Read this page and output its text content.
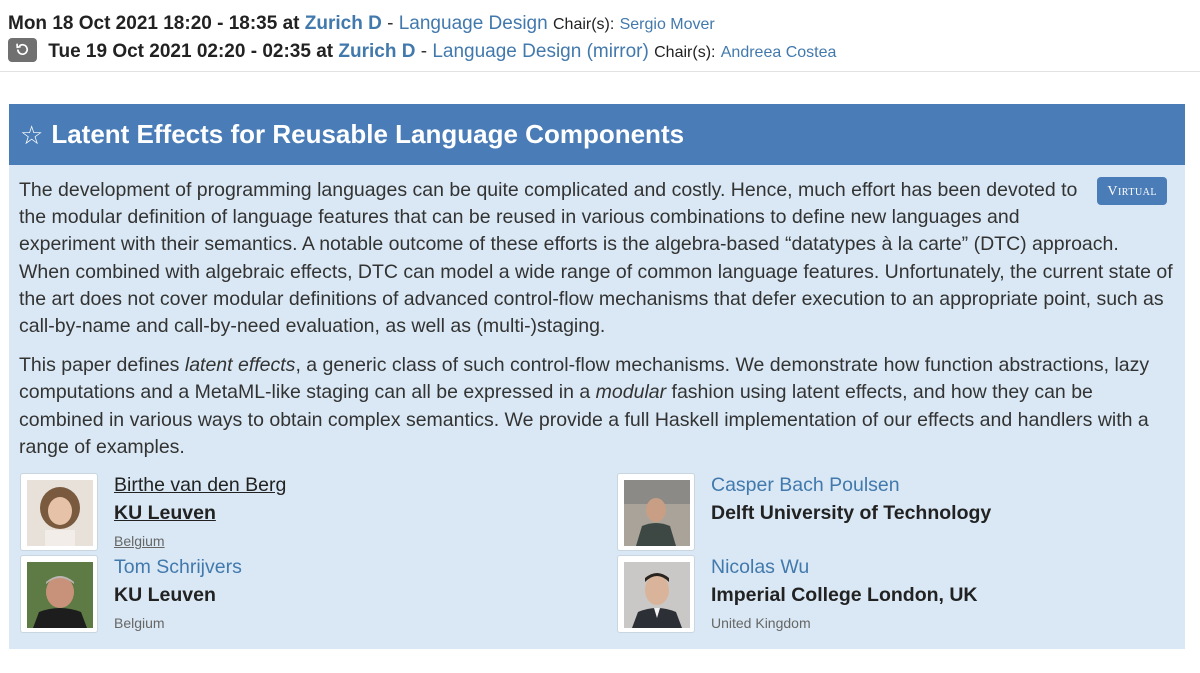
Mon 18 Oct 2021 18:20 - 18:35 at Zurich D - Language Design Chair(s): Sergio Mover
Tue 19 Oct 2021 02:20 - 02:35 at Zurich D - Language Design (mirror) Chair(s): Andreea Costea
☆ Latent Effects for Reusable Language Components

Virtual
The development of programming languages can be quite complicated and costly. Hence, much effort has been devoted to the modular definition of language features that can be reused in various combinations to define new languages and experiment with their semantics. A notable outcome of these efforts is the algebra-based “datatypes à la carte” (DTC) approach. When combined with algebraic effects, DTC can model a wide range of common language features. Unfortunately, the current state of the art does not cover modular definitions of advanced control-flow mechanisms that defer execution to an appropriate point, such as call-by-name and call-by-need evaluation, as well as (multi-)staging.

This paper defines latent effects, a generic class of such control-flow mechanisms. We demonstrate how function abstractions, lazy computations and a MetaML-like staging can all be expressed in a modular fashion using latent effects, and how they can be combined in various ways to obtain complex semantics. We provide a full Haskell implementation of our effects and handlers with a range of examples.

Birthe van den Berg
KU Leuven
Belgium
Casper Bach Poulsen
Delft University of Technology
Tom Schrijvers
KU Leuven
Belgium
Nicolas Wu
Imperial College London, UK
United Kingdom
